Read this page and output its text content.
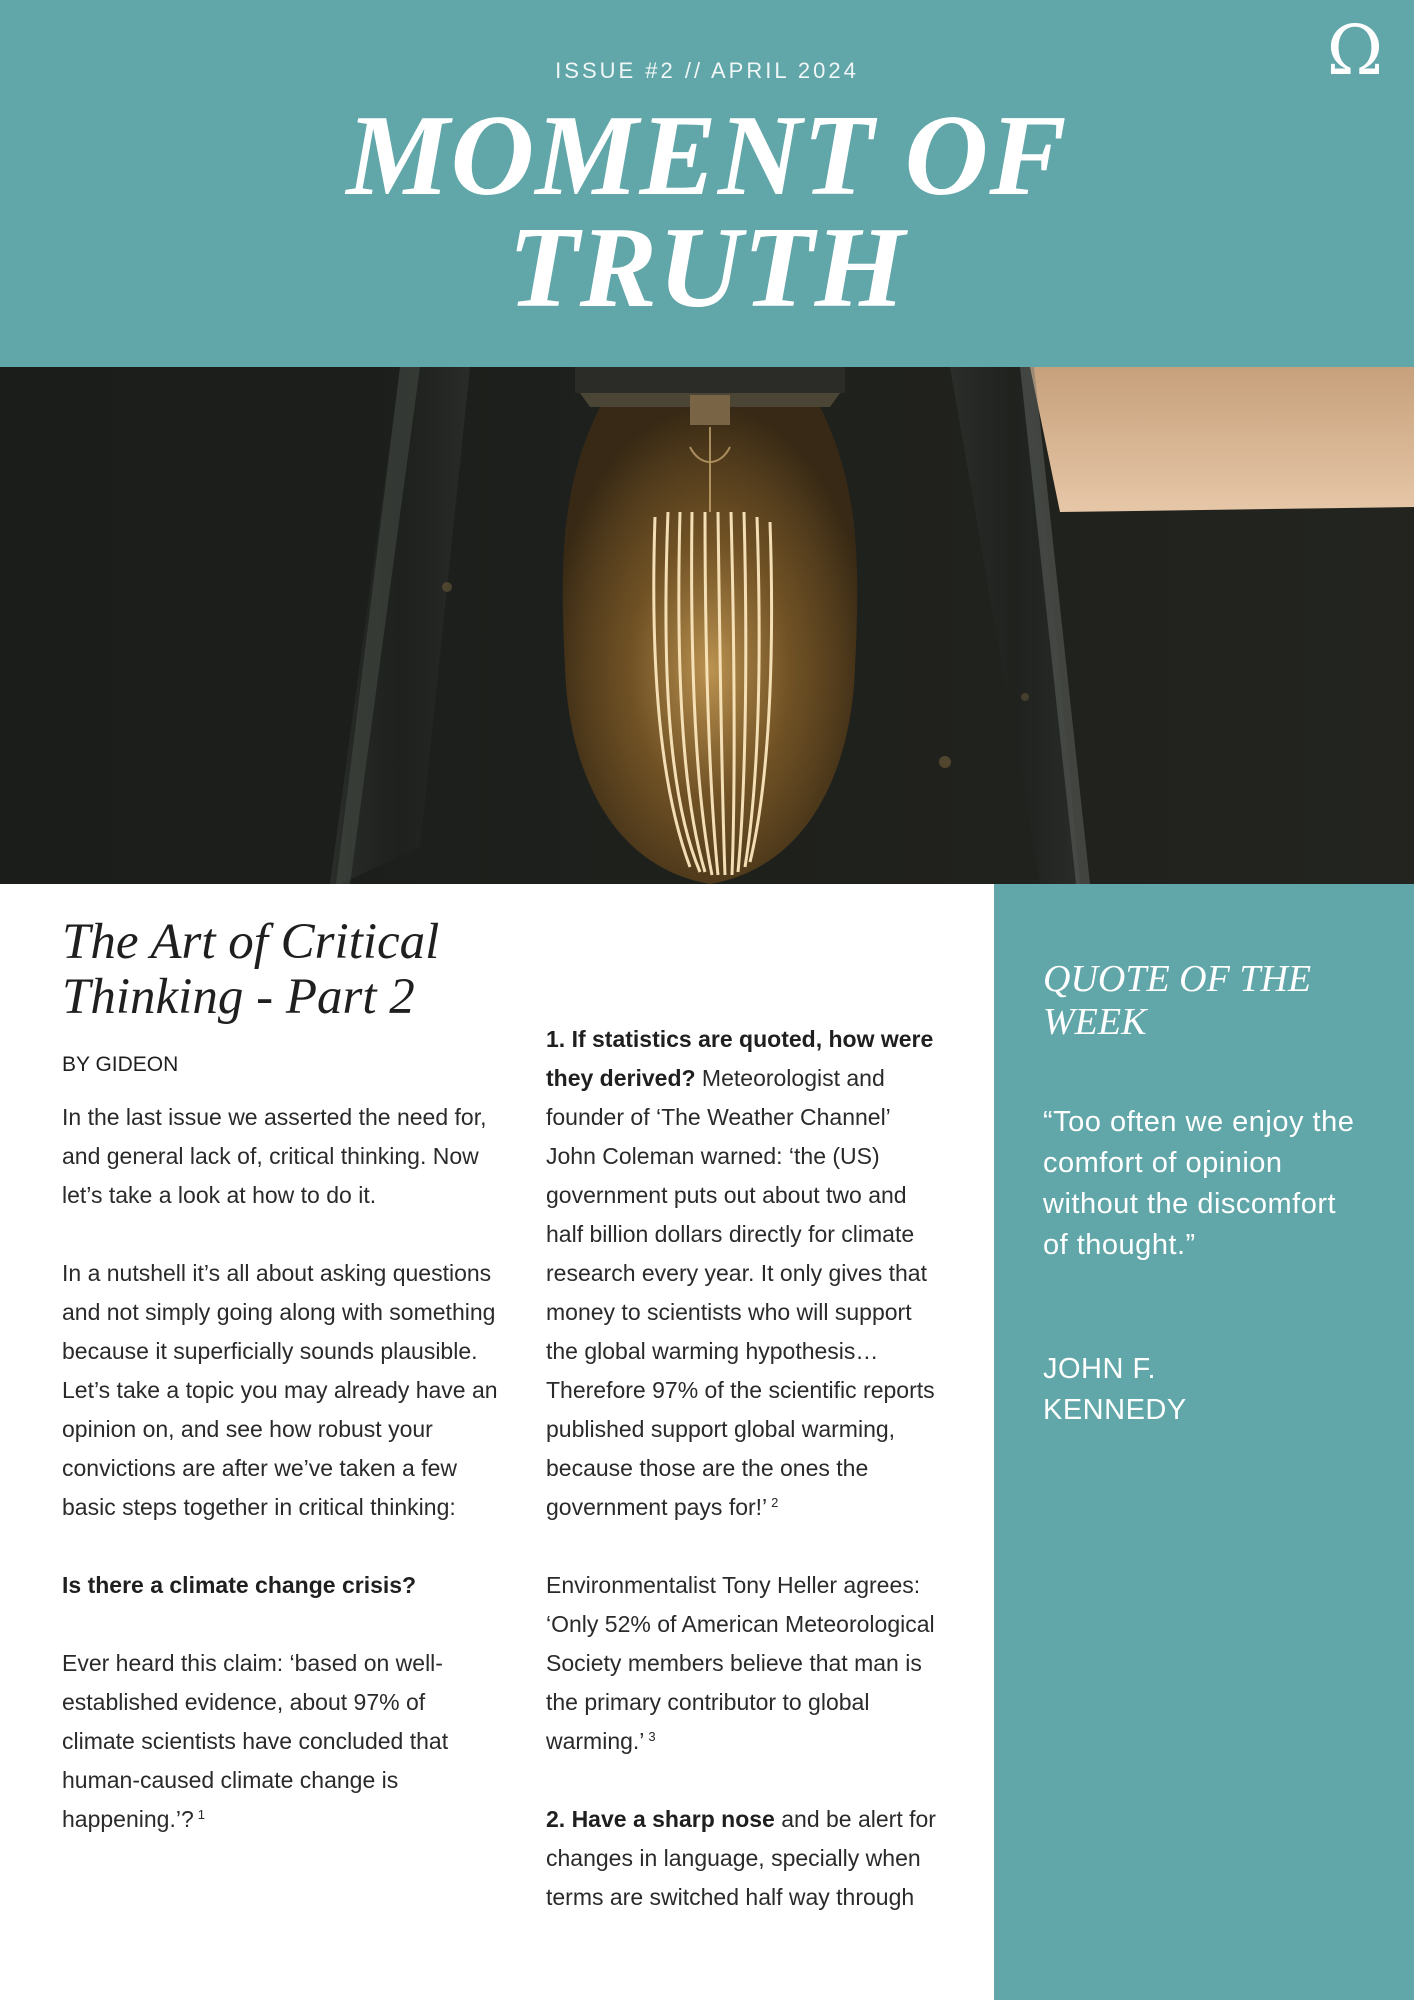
ISSUE #2 // APRIL 2024
MOMENT OF
TRUTH
Ω
QUOTE OF THE WEEK
“Too often we enjoy the comfort of opinion without the discomfort of thought.”
JOHN F.
KENNEDY
The Art of Critical
Thinking - Part 2
BY GIDEON

In the last issue we asserted the need for, and general lack of, critical thinking. Now let’s take a look at how to do it.

In a nutshell it’s all about asking questions and not simply going along with something because it superficially sounds plausible. Let’s take a topic you may already have an opinion on, and see how robust your convictions are after we’ve taken a few basic steps together in critical thinking:

Is there a climate change crisis?

Ever heard this claim: ‘based on well-established evidence, about 97% of climate scientists have concluded that human-caused climate change is happening.’? $^1$

1. If statistics are quoted, how were they derived? Meteorologist and founder of ‘The Weather Channel’ John Coleman warned: ‘the (US) government puts out about two and half billion dollars directly for climate research every year. It only gives that money to scientists who will support the global warming hypothesis… Therefore 97% of the scientific reports published support global warming, because those are the ones the government pays for!’ $^2$

Environmentalist Tony Heller agrees: ‘Only 52% of American Meteorological Society members believe that man is the primary contributor to global warming.’ $^3$

2. Have a sharp nose and be alert for changes in language, specially when terms are switched half way through
